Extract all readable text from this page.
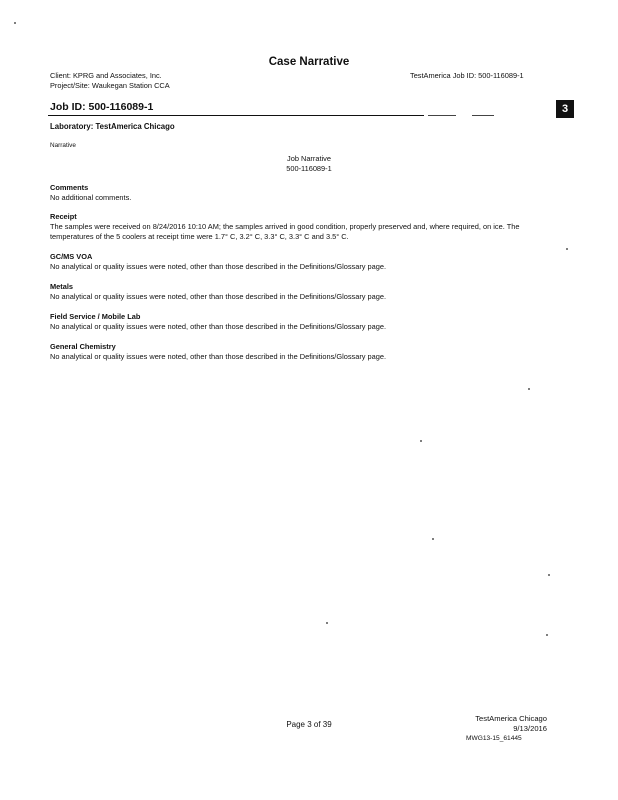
Case Narrative
Client: KPRG and Associates, Inc.
Project/Site: Waukegan Station CCA
TestAmerica Job ID: 500-116089-1
Job ID: 500-116089-1	3
Laboratory: TestAmerica Chicago
Narrative
Job Narrative
500-116089-1
Comments
No additional comments.
Receipt
The samples were received on 8/24/2016 10:10 AM; the samples arrived in good condition, properly preserved and, where required, on ice. The temperatures of the 5 coolers at receipt time were 1.7° C, 3.2° C, 3.3° C, 3.3° C and 3.5° C.
GC/MS VOA
No analytical or quality issues were noted, other than those described in the Definitions/Glossary page.
Metals
No analytical or quality issues were noted, other than those described in the Definitions/Glossary page.
Field Service / Mobile Lab
No analytical or quality issues were noted, other than those described in the Definitions/Glossary page.
General Chemistry
No analytical or quality issues were noted, other than those described in the Definitions/Glossary page.
Page 3 of 39
TestAmerica Chicago
9/13/2016
MWG13-15_61445
